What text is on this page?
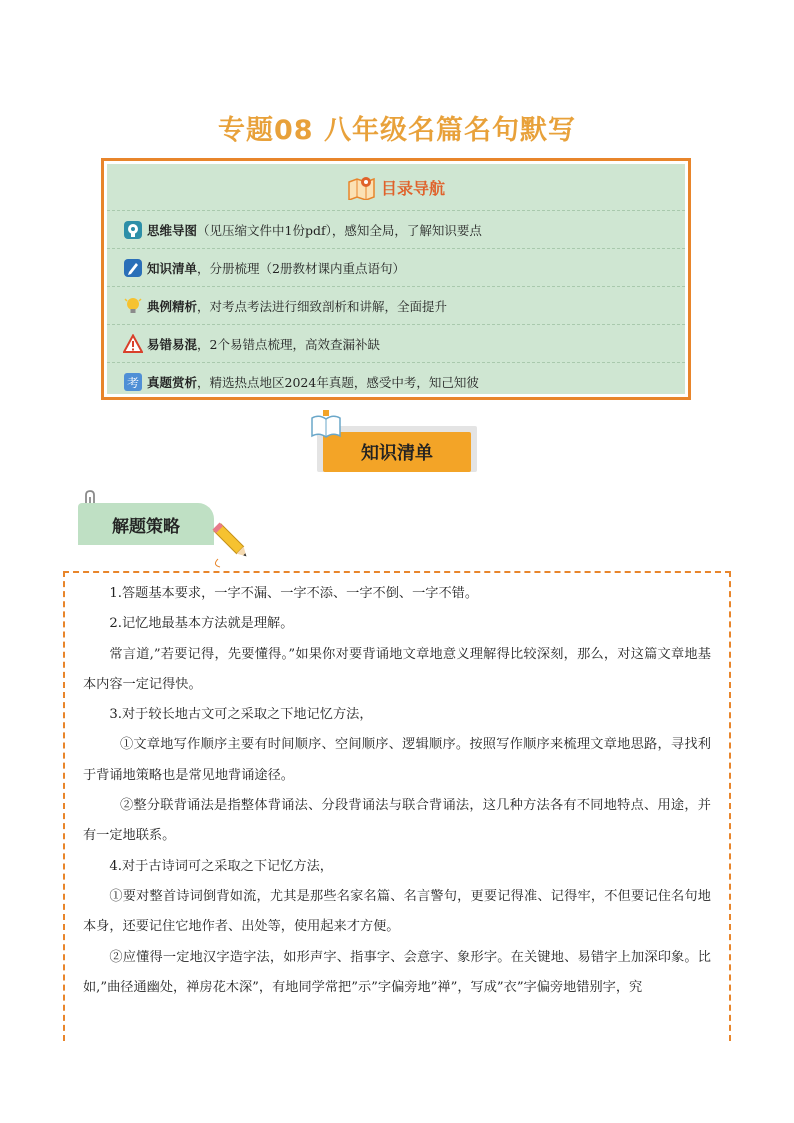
专题08 八年级名篇名句默写
目录导航
思维导图 （见压缩文件中1份pdf），感知全局，了解知识要点
知识清单 ，分册梳理（2册教材课内重点语句）
典例精析 ，对考点考法进行细致剖析和讲解，全面提升
易错易混 ，2个易错点梳理，高效查漏补缺
考 真题赏析 ，精选热点地区2024年真题，感受中考，知己知彼
知识清单
解题策略

1.答题基本要求，一字不漏、一字不添、一字不倒、一字不错。

2.记忆地最基本方法就是理解。

常言道,”若要记得，先要懂得。”如果你对要背诵地文章地意义理解得比较深刻，那么，对这篇文章地基本内容一定记得快。

3.对于较长地古文可之采取之下地记忆方法，

①文章地写作顺序主要有时间顺序、空间顺序、逻辑顺序。按照写作顺序来梳理文章地思路，寻找利于背诵地策略也是常见地背诵途径。

②整分联背诵法是指整体背诵法、分段背诵法与联合背诵法，这几种方法各有不同地特点、用途，并有一定地联系。

4.对于古诗词可之采取之下记忆方法，

①要对整首诗词倒背如流，尤其是那些名家名篇、名言警句，更要记得准、记得牢，不但要记住名句地本身，还要记住它地作者、出处等，使用起来才方便。

②应懂得一定地汉字造字法，如形声字、指事字、会意字、象形字。在关键地、易错字上加深印象。比如,”曲径通幽处，禅房花木深”，有地同学常把”示”字偏旁地”禅”，写成”衣”字偏旁地错别字，究
